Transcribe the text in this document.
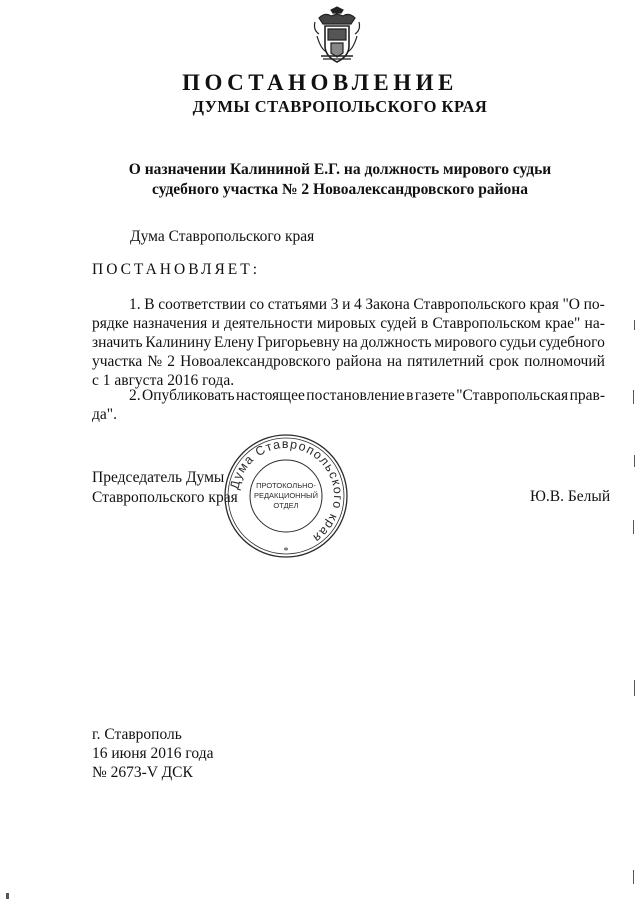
ПОСТАНОВЛЕНИЕ
ДУМЫ СТАВРОПОЛЬСКОГО КРАЯ
О назначении Калининой Е.Г. на должность мирового судьи
судебного участка № 2 Новоалександровского района
Дума Ставропольского края
ПОСТАНОВЛЯЕТ:
1. В соответствии со статьями 3 и 4 Закона Ставропольского края "О по-
рядке назначения и деятельности мировых судей в Ставропольском крае" на-
значить Калинину Елену Григорьевну на должность мирового судьи судебного
участка № 2 Новоалександровского района на пятилетний срок полномочий
с 1 августа 2016 года.
2. Опубликовать настоящее постановление в газете "Ставропольская прав-
да".
Председатель Думы
Ставропольского края	Ю.В. Белый
Дума Ставропольского края
ПРОТОКОЛЬНО-
РЕДАКЦИОННЫЙ
ОТДЕЛ
*
г. Ставрополь
16 июня 2016 года
№ 2673-V ДСК
